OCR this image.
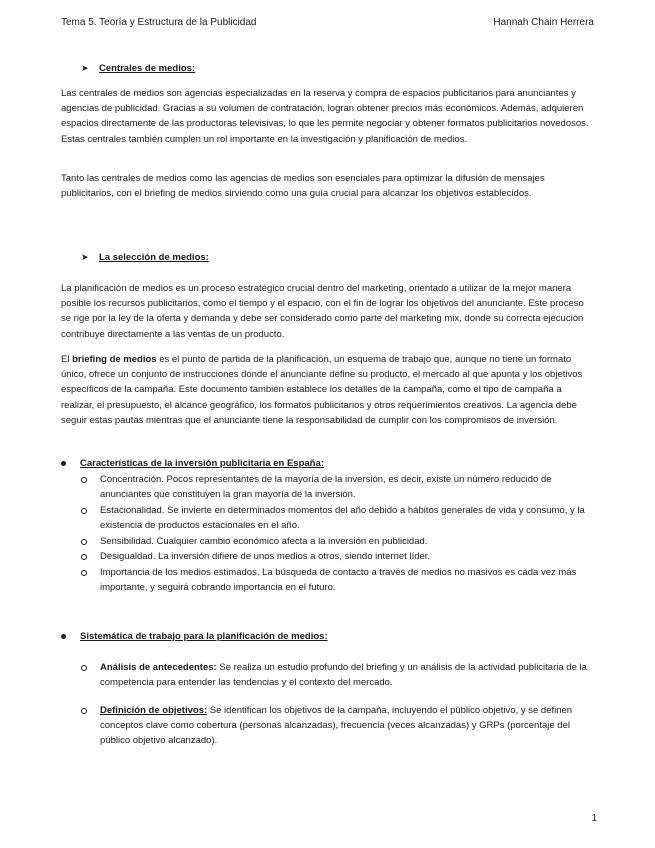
Tema 5. Teoría y Estructura de la Publicidad	Hannah Chain Herrera
➤	Centrales de medios:

Las centrales de medios son agencias especializadas en la reserva y compra de espacios publicitarios para anunciantes y agencias de publicidad. Gracias a su volumen de contratación, logran obtener precios más económicos. Además, adquieren espacios directamente de las productoras televisivas, lo que les permite negociar y obtener formatos publicitarios novedosos. Estas centrales también cumplen un rol importante en la investigación y planificación de medios.

Tanto las centrales de medios como las agencias de medios son esenciales para optimizar la difusión de mensajes publicitarios, con el briefing de medios sirviendo como una guía crucial para alcanzar los objetivos establecidos.

➤	La selección de medios:

La planificación de medios es un proceso estratégico crucial dentro del marketing, orientado a utilizar de la mejor manera posible los recursos publicitarios, como el tiempo y el espacio, con el fin de lograr los objetivos del anunciante. Este proceso se rige por la ley de la oferta y demanda y debe ser considerado como parte del marketing mix, donde su correcta ejecución contribuye directamente a las ventas de un producto.

El briefing de medios es el punto de partida de la planificación, un esquema de trabajo que, aunque no tiene un formato único, ofrece un conjunto de instrucciones donde el anunciante define su producto, el mercado al que apunta y los objetivos específicos de la campaña. Este documento también establece los detalles de la campaña, como el tipo de campaña a realizar, el presupuesto, el alcance geográfico, los formatos publicitarios y otros requerimientos creativos. La agencia debe seguir estas pautas mientras que el anunciante tiene la responsabilidad de cumplir con los compromisos de inversión.

Características de la inversión publicitaria en España:
Concentración. Pocos representantes de la mayoría de la inversión, es decir, existe un número reducido de anunciantes que constituyen la gran mayoría de la inversión.
Estacionalidad. Se invierte en determinados momentos del año debido a hábitos generales de vida y consumo, y la existencia de productos estacionales en el año.
Sensibilidad. Cualquier cambio económico afecta a la inversión en publicidad.
Desigualdad. La inversión difiere de unos medios a otros, siendo internet líder.
Importancia de los medios estimados. La búsqueda de contacto a través de medios no masivos es cada vez más importante, y seguirá cobrando importancia en el futuro.
Sistemática de trabajo para la planificación de medios:
Análisis de antecedentes: Se realiza un estudio profundo del briefing y un análisis de la actividad publicitaria de la competencia para entender las tendencias y el contexto del mercado.
Definición de objetivos: Se identifican los objetivos de la campaña, incluyendo el público objetivo, y se definen conceptos clave como cobertura (personas alcanzadas), frecuencia (veces alcanzadas) y GRPs (porcentaje del público objetivo alcanzado).
1
